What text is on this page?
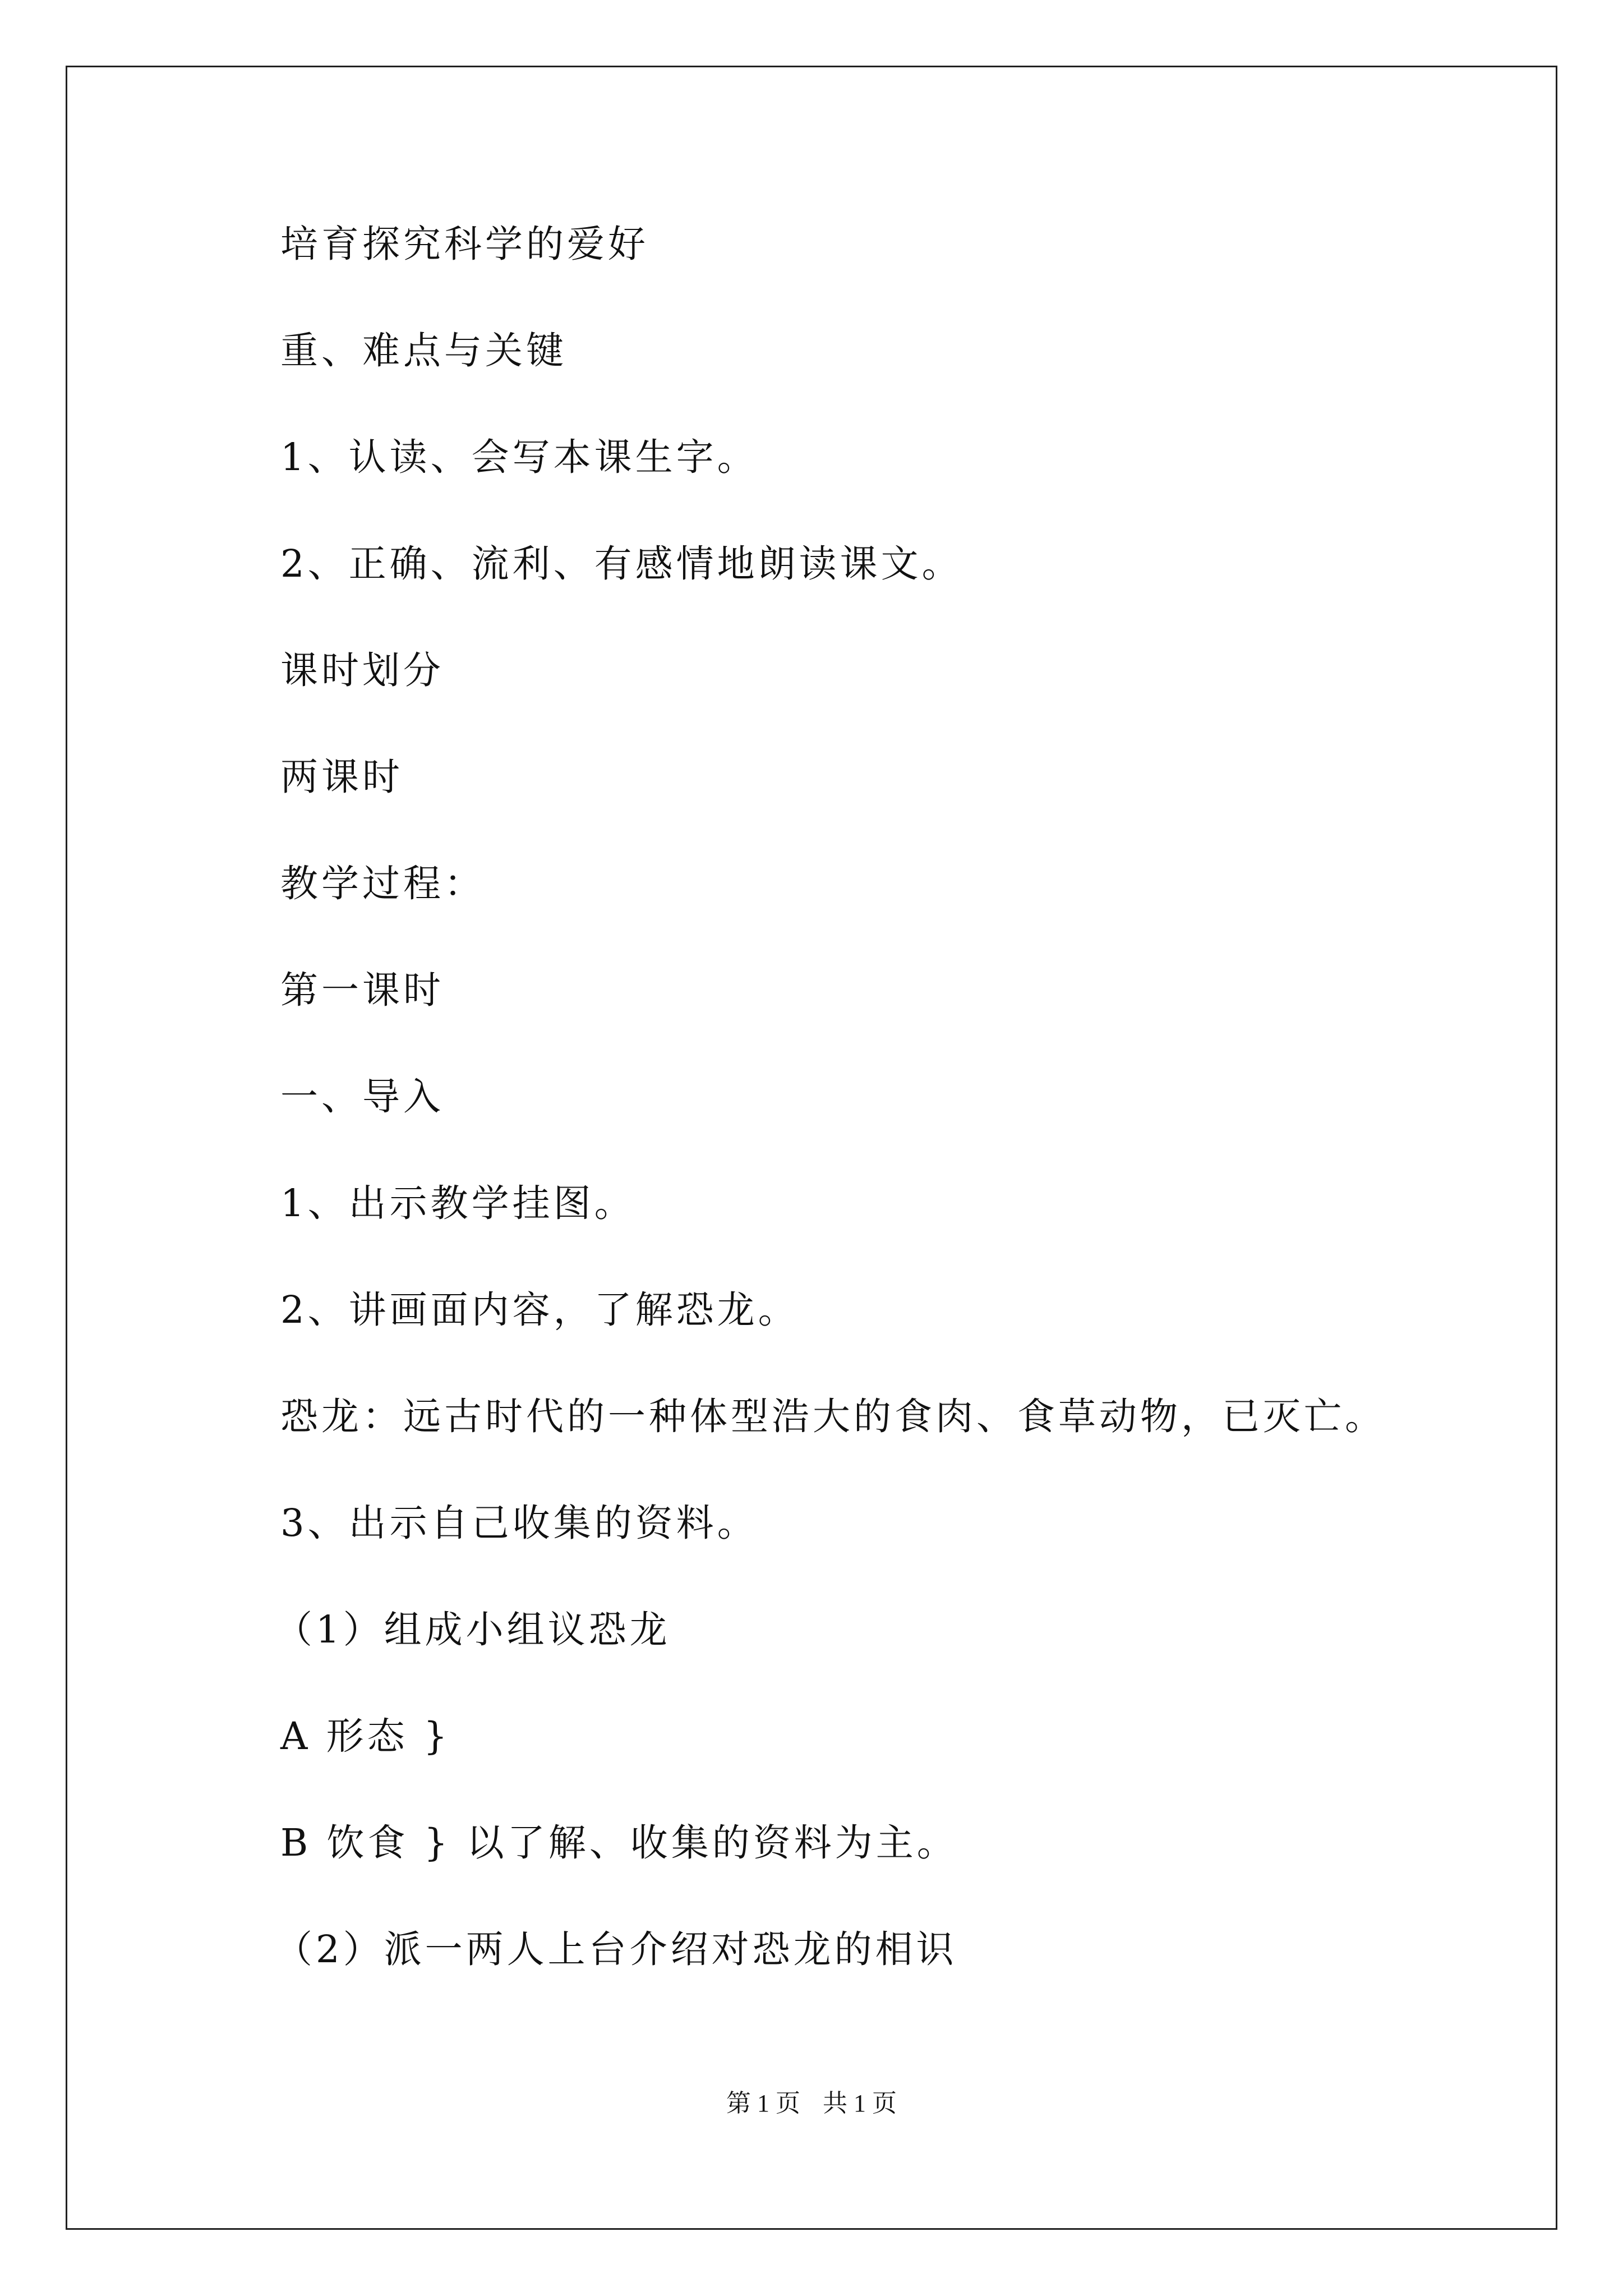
培育探究科学的爱好
重、难点与关键
1、认读、会写本课生字。
2、正确、流利、有感情地朗读课文。
课时划分
两课时
教学过程：
第一课时
一、导入
1、出示教学挂图。
2、讲画面内容，了解恐龙。
恐龙：远古时代的一种体型浩大的食肉、食草动物，已灭亡。
3、出示自己收集的资料。
（1）组成小组议恐龙
A 形态 }
B 饮食 } 以了解、收集的资料为主。
（2）派一两人上台介绍对恐龙的相识
第 1 页 共 1 页
